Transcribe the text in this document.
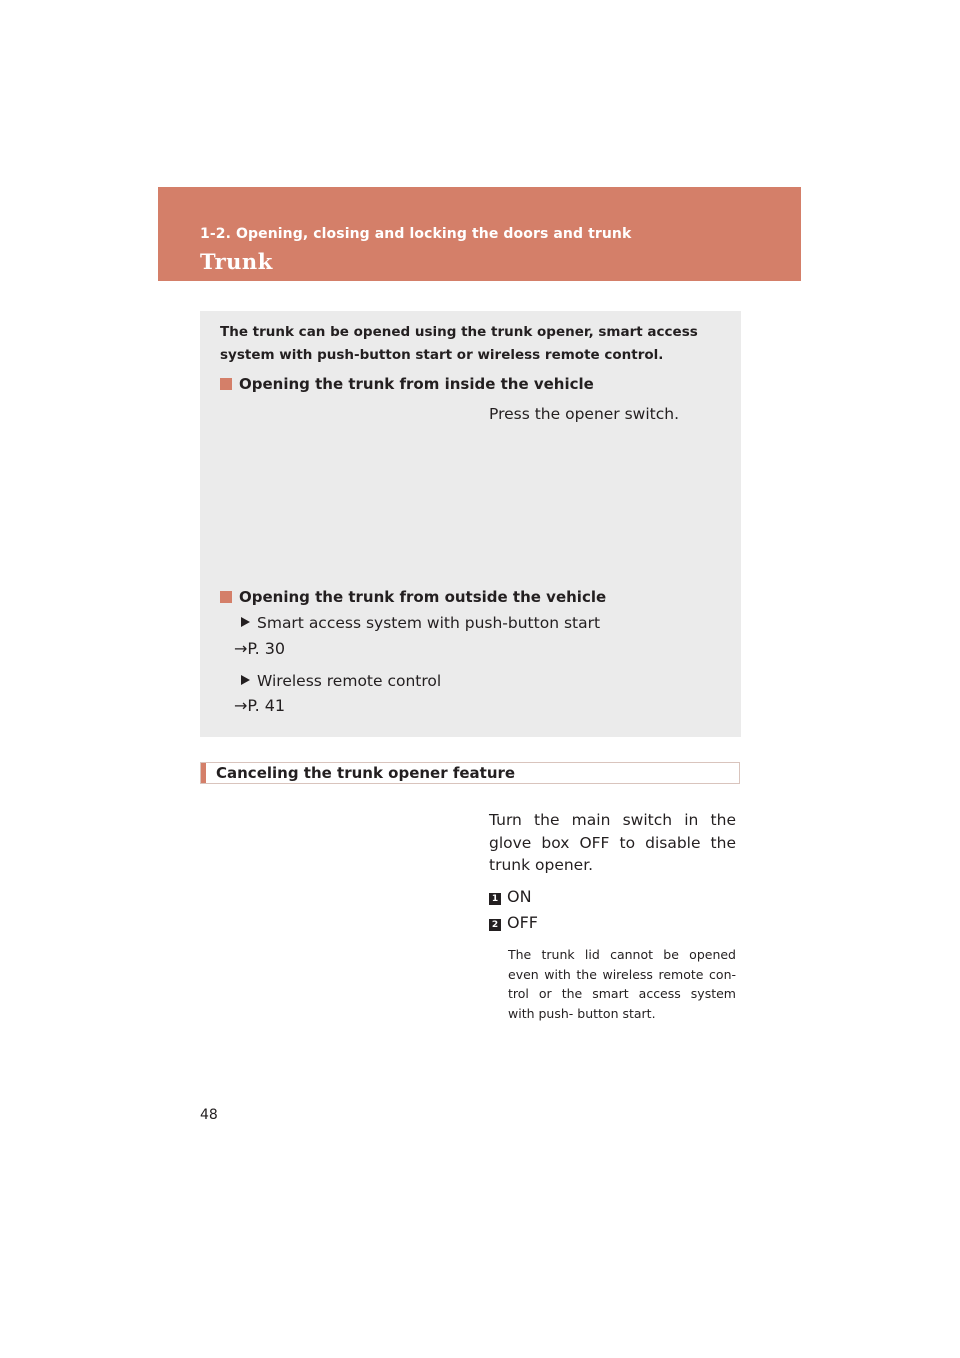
1-2. Opening, closing and locking the doors and trunk
Trunk
The trunk can be opened using the trunk opener, smart access system with push-button start or wireless remote control.
Opening the trunk from inside the vehicle
Press the opener switch.
Opening the trunk from outside the vehicle
Smart access system with push-button start
→P. 30
Wireless remote control
→P. 41
Canceling the trunk opener feature
Turn the main switch in the glove box OFF to disable the trunk opener.
1 ON
2 OFF
The trunk lid cannot be opened even with the wireless remote con-trol or the smart access system with push- button start.
48
